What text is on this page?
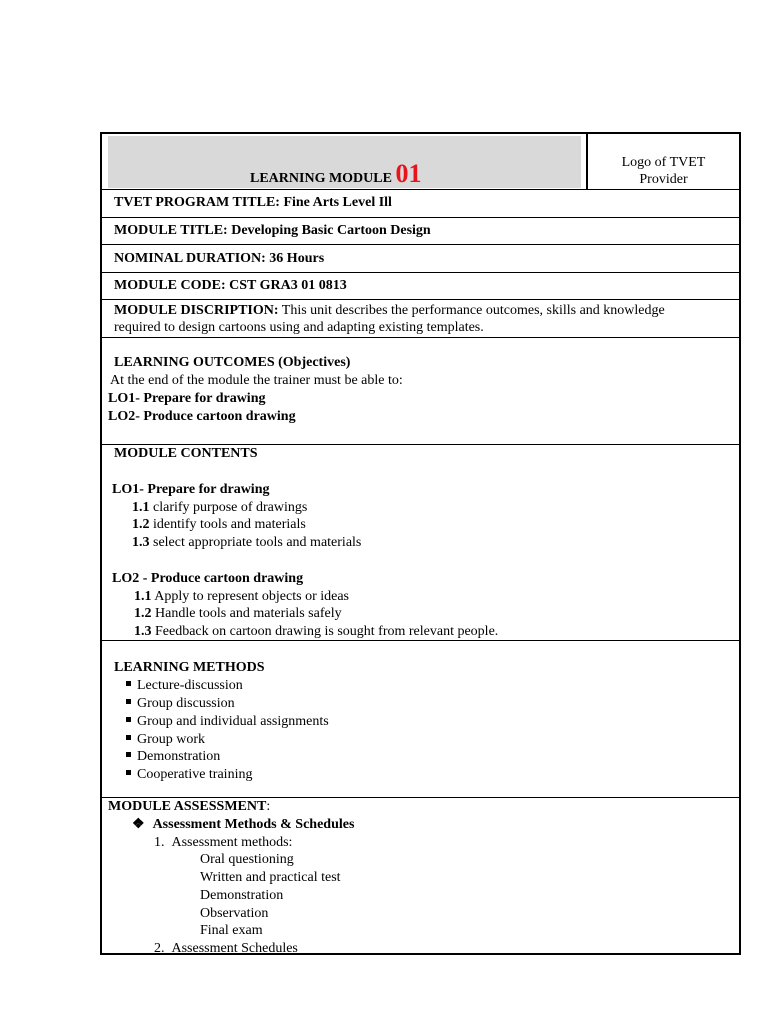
LEARNING MODULE 01	Logo of TVET
Provider
TVET PROGRAM TITLE: Fine Arts Level Ill
MODULE TITLE: Developing Basic Cartoon Design
NOMINAL DURATION: 36 Hours
MODULE CODE: CST GRA3 01 0813
MODULE DISCRIPTION: This unit describes the performance outcomes, skills and knowledge
required to design cartoons using and adapting existing templates.
LEARNING OUTCOMES (Objectives)
At the end of the module the trainer must be able to:
LO1- Prepare for drawing
LO2- Produce cartoon drawing
MODULE CONTENTS
LO1- Prepare for drawing
1.1 clarify purpose of drawings
1.2 identify tools and materials
1.3 select appropriate tools and materials
LO2 - Produce cartoon drawing
1.1 Apply to represent objects or ideas
1.2 Handle tools and materials safely
1.3 Feedback on cartoon drawing is sought from relevant people.
LEARNING METHODS
Lecture-discussion
Group discussion
Group and individual assignments
Group work
Demonstration
Cooperative training
MODULE ASSESSMENT:
❖ Assessment Methods & Schedules
1. Assessment methods:
Oral questioning
Written and practical test
Demonstration
Observation
Final exam
2. Assessment Schedules
